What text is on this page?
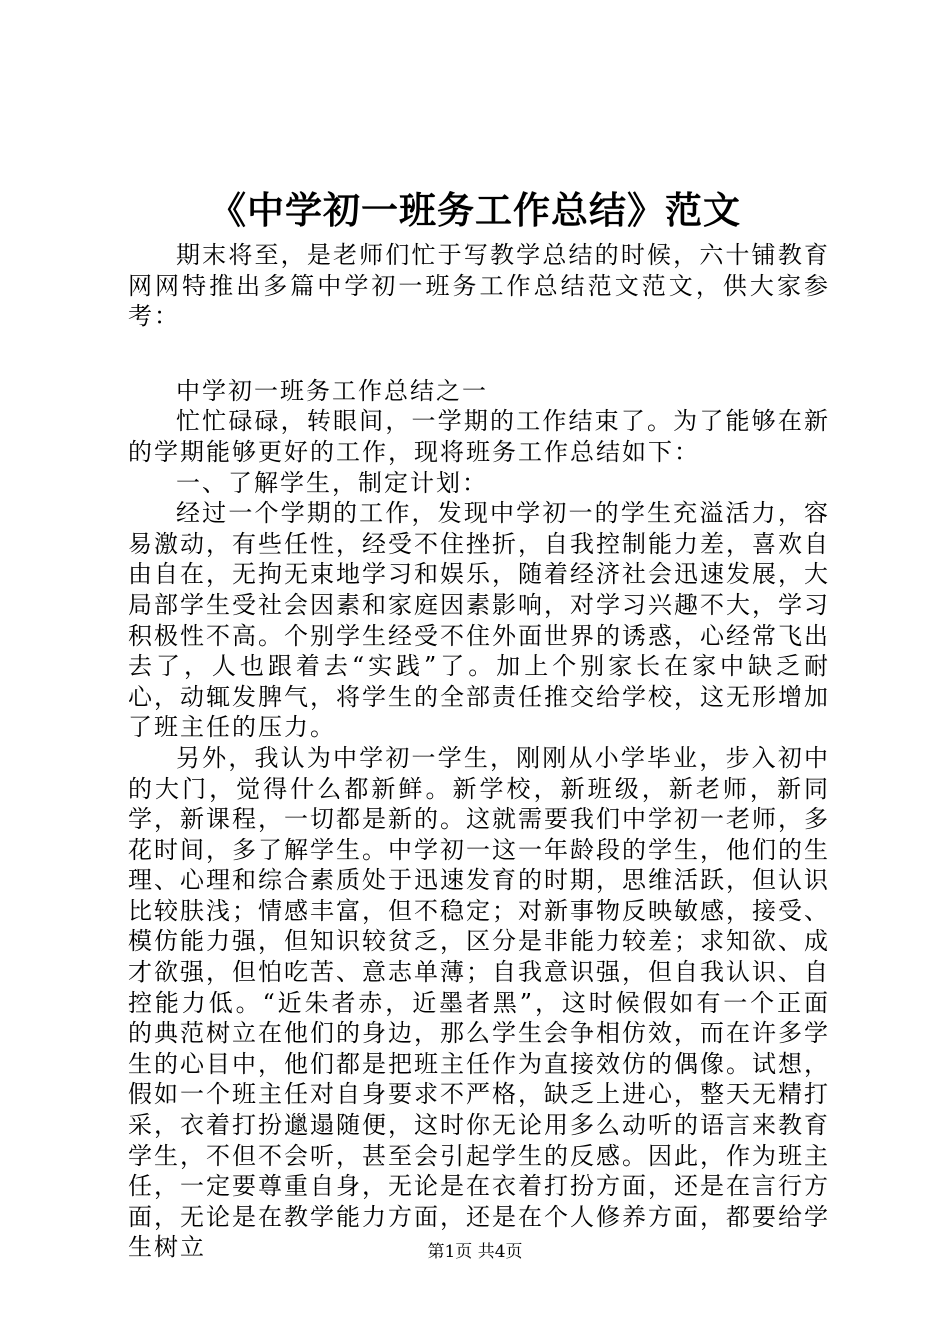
《中学初一班务工作总结》范文

期末将至，是老师们忙于写教学总结的时候，六十铺教育网网特推出多篇中学初一班务工作总结范文范文，供大家参考：

中学初一班务工作总结之一

忙忙碌碌，转眼间，一学期的工作结束了。为了能够在新的学期能够更好的工作，现将班务工作总结如下：

一、了解学生，制定计划：

经过一个学期的工作，发现中学初一的学生充溢活力，容易激动，有些任性，经受不住挫折，自我控制能力差，喜欢自由自在，无拘无束地学习和娱乐，随着经济社会迅速发展，大局部学生受社会因素和家庭因素影响，对学习兴趣不大，学习积极性不高。个别学生经受不住外面世界的诱惑，心经常飞出去了，人也跟着去“实践”了。加上个别家长在家中缺乏耐心，动辄发脾气，将学生的全部责任推交给学校，这无形增加了班主任的压力。

另外，我认为中学初一学生，刚刚从小学毕业，步入初中的大门，觉得什么都新鲜。新学校，新班级，新老师，新同学，新课程，一切都是新的。这就需要我们中学初一老师，多花时间，多了解学生。中学初一这一年龄段的学生，他们的生理、心理和综合素质处于迅速发育的时期，思维活跃，但认识比较肤浅；情感丰富，但不稳定；对新事物反映敏感，接受、模仿能力强，但知识较贫乏，区分是非能力较差；求知欲、成才欲强，但怕吃苦、意志单薄；自我意识强，但自我认识、自控能力低。“近朱者赤，近墨者黑”，这时候假如有一个正面的典范树立在他们的身边，那么学生会争相仿效，而在许多学生的心目中，他们都是把班主任作为直接效仿的偶像。试想，假如一个班主任对自身要求不严格，缺乏上进心，整天无精打采，衣着打扮邋遢随便，这时你无论用多么动听的语言来教育学生，不但不会听，甚至会引起学生的反感。因此，作为班主任，一定要尊重自身，无论是在衣着打扮方面，还是在言行方面，无论是在教学能力方面，还是在个人修养方面，都要给学生树立	第1页 共4页
